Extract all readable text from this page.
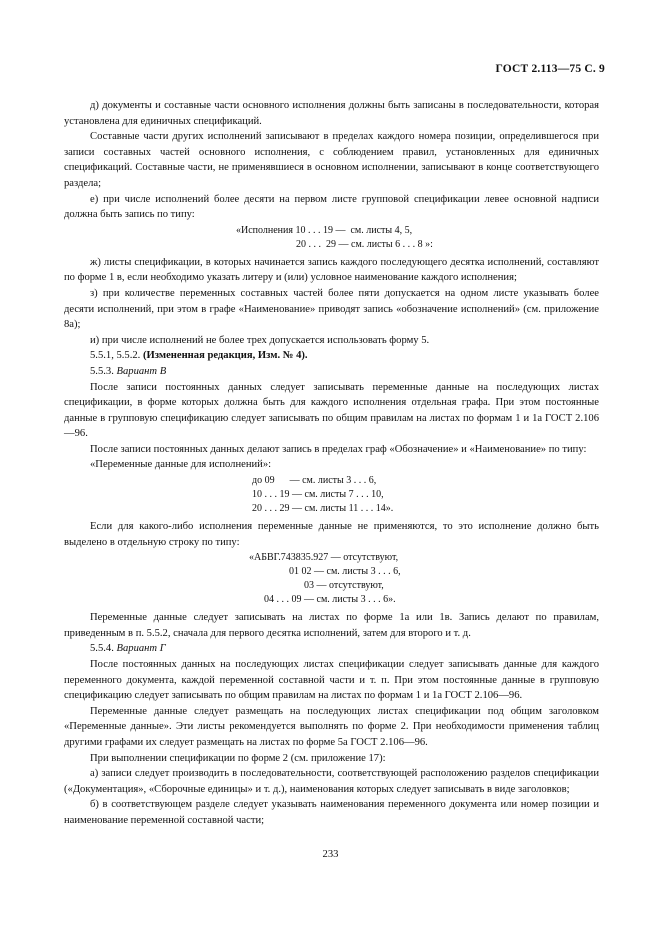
ГОСТ 2.113—75 С. 9

д) документы и составные части основного исполнения должны быть записаны в последовательности, которая установлена для единичных спецификаций.

Составные части других исполнений записывают в пределах каждого номера позиции, определившегося при записи составных частей основного исполнения, с соблюдением правил, установленных для единичных спецификаций. Составные части, не применявшиеся в основном исполнении, записывают в конце соответствующего раздела;

е) при числе исполнений более десяти на первом листе групповой спецификации левее основной надписи должна быть запись по типу:

«Исполнения 10 . . . 19 —  см. листы 4, 5,
20 . . .  29 — см. листы 6 . . . 8 »:

ж) листы спецификации, в которых начинается запись каждого последующего десятка исполнений, составляют по форме 1 в, если необходимо указать литеру и (или) условное наименование каждого исполнения;

з) при количестве переменных составных частей более пяти допускается на одном листе указывать более десяти исполнений, при этом в графе «Наименование» приводят запись «обозначение исполнений» (см. приложение 8а);

и) при числе исполнений не более трех допускается использовать форму 5.

5.5.1, 5.5.2. (Измененная редакция, Изм. № 4).

5.5.3. Вариант В

После записи постоянных данных следует записывать переменные данные на последующих листах спецификации, в форме которых должна быть для каждого исполнения отдельная графа. При этом постоянные данные в групповую спецификацию следует записывать по общим правилам на листах по формам 1 и 1а ГОСТ 2.106—96.

После записи постоянных данных делают запись в пределах граф «Обозначение» и «Наименование» по типу:

«Переменные данные для исполнений»:

до 09      — см. листы 3 . . . 6,
10 . . . 19 — см. листы 7 . . . 10,
20 . . . 29 — см. листы 11 . . . 14».

Если для какого-либо исполнения переменные данные не применяются, то это исполнение должно быть выделено в отдельную строку по типу:

«АБВГ.743835.927 — отсутствуют,
01 02 — см. листы 3 . . . 6,
03 — отсутствуют,
04 . . . 09 — см. листы 3 . . . 6».

Переменные данные следует записывать на листах по форме 1а или 1в. Запись делают по правилам, приведенным в п. 5.5.2, сначала для первого десятка исполнений, затем для второго и т. д.

5.5.4. Вариант Г

После постоянных данных на последующих листах спецификации следует записывать данные для каждого переменного документа, каждой переменной составной части и т. п. При этом постоянные данные в групповую спецификацию следует записывать по общим правилам на листах по формам 1 и 1а ГОСТ 2.106—96.

Переменные данные следует размещать на последующих листах спецификации под общим заголовком «Переменные данные». Эти листы рекомендуется выполнять по форме 2. При необходимости применения таблиц другими графами их следует размещать на листах по форме 5а ГОСТ 2.106—96.

При выполнении спецификации по форме 2 (см. приложение 17):

а) записи следует производить в последовательности, соответствующей расположению разделов спецификации («Документация», «Сборочные единицы» и т. д.), наименования которых следует записывать в виде заголовков;

б) в соответствующем разделе следует указывать наименования переменного документа или номер позиции и наименование переменной составной части;

233
